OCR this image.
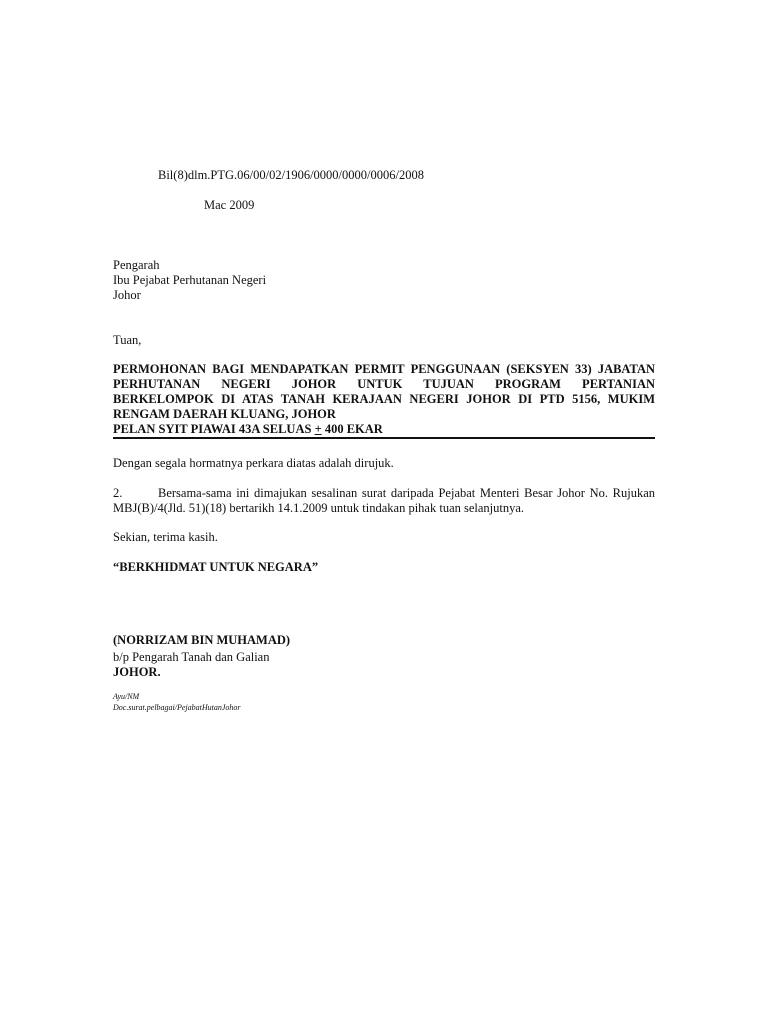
Bil(8)dlm.PTG.06/00/02/1906/0000/0000/0006/2008
Mac 2009
Pengarah
Ibu Pejabat Perhutanan Negeri
Johor
Tuan,
PERMOHONAN BAGI MENDAPATKAN PERMIT PENGGUNAAN (SEKSYEN 33) JABATAN
PERHUTANAN NEGERI JOHOR UNTUK TUJUAN PROGRAM PERTANIAN
BERKELOMPOK DI ATAS TANAH KERAJAAN NEGERI JOHOR DI PTD 5156, MUKIM
RENGAM DAERAH KLUANG, JOHOR
PELAN SYIT PIAWAI 43A SELUAS + 400 EKAR
Dengan segala hormatnya perkara diatas adalah dirujuk.
2.	Bersama-sama ini dimajukan sesalinan surat daripada Pejabat Menteri Besar Johor No. Rujukan
MBJ(B)/4(Jld. 51)(18) bertarikh 14.1.2009 untuk tindakan pihak tuan selanjutnya.
Sekian, terima kasih.
“BERKHIDMAT UNTUK NEGARA”
(NORRIZAM BIN MUHAMAD)
b/p Pengarah Tanah dan Galian
JOHOR.
Ayu/NM
Doc.surat.pelbagai/PejabatHutanJohor
